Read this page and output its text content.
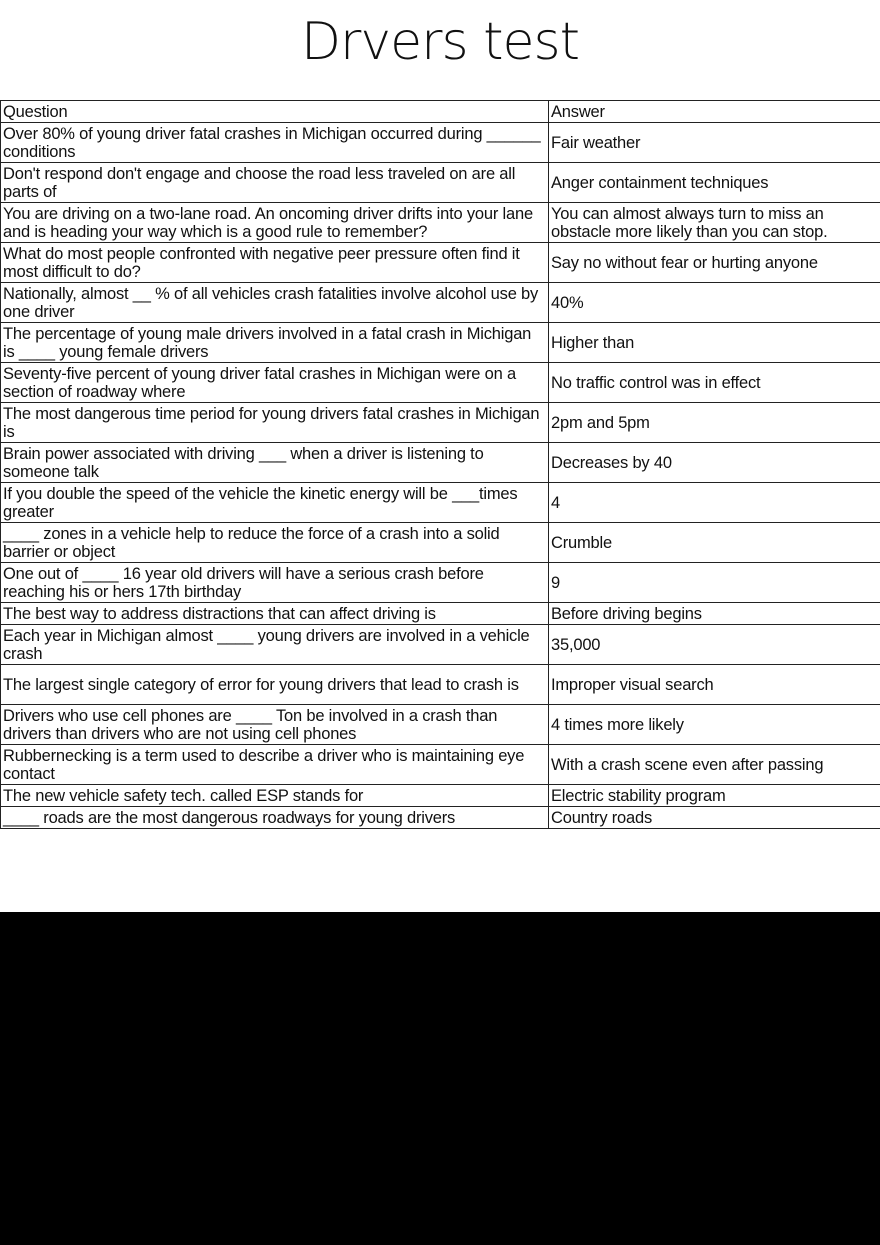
Drvers test
Question	Answer
Over 80% of young driver fatal crashes in Michigan occurred during ______ conditions	Fair weather
Don't respond don't engage and choose the road less traveled on are all parts of	Anger containment techniques
You are driving on a two-lane road. An oncoming driver drifts into your lane and is heading your way which is a good rule to remember?	You can almost always turn to miss an obstacle more likely than you can stop.
What do most people confronted with negative peer pressure often find it most difficult to do?	Say no without fear or hurting anyone
Nationally, almost __ % of all vehicles crash fatalities involve alcohol use by one driver	40%
The percentage of young male drivers involved in a fatal crash in Michigan is ____ young female drivers	Higher than
Seventy-five percent of young driver fatal crashes in Michigan were on a section of roadway where	No traffic control was in effect
The most dangerous time period for young drivers fatal crashes in Michigan is	2pm and 5pm
Brain power associated with driving ___ when a driver is listening to someone talk	Decreases by 40
If you double the speed of the vehicle the kinetic energy will be ___times greater	4
____ zones in a vehicle help to reduce the force of a crash into a solid barrier or object	Crumble
One out of ____ 16 year old drivers will have a serious crash before reaching his or hers 17th birthday	9
The best way to address distractions that can affect driving is	Before driving begins
Each year in Michigan almost ____ young drivers are involved in a vehicle crash	35,000
The largest single category of error for young drivers that lead to crash is	Improper visual search
Drivers who use cell phones are ____ Ton be involved in a crash than drivers than drivers who are not using cell phones	4 times more likely
Rubbernecking is a term used to describe a driver who is maintaining eye contact	With a crash scene even after passing
The new vehicle safety tech. called ESP stands for	Electric stability program
____ roads are the most dangerous roadways for young drivers	Country roads
